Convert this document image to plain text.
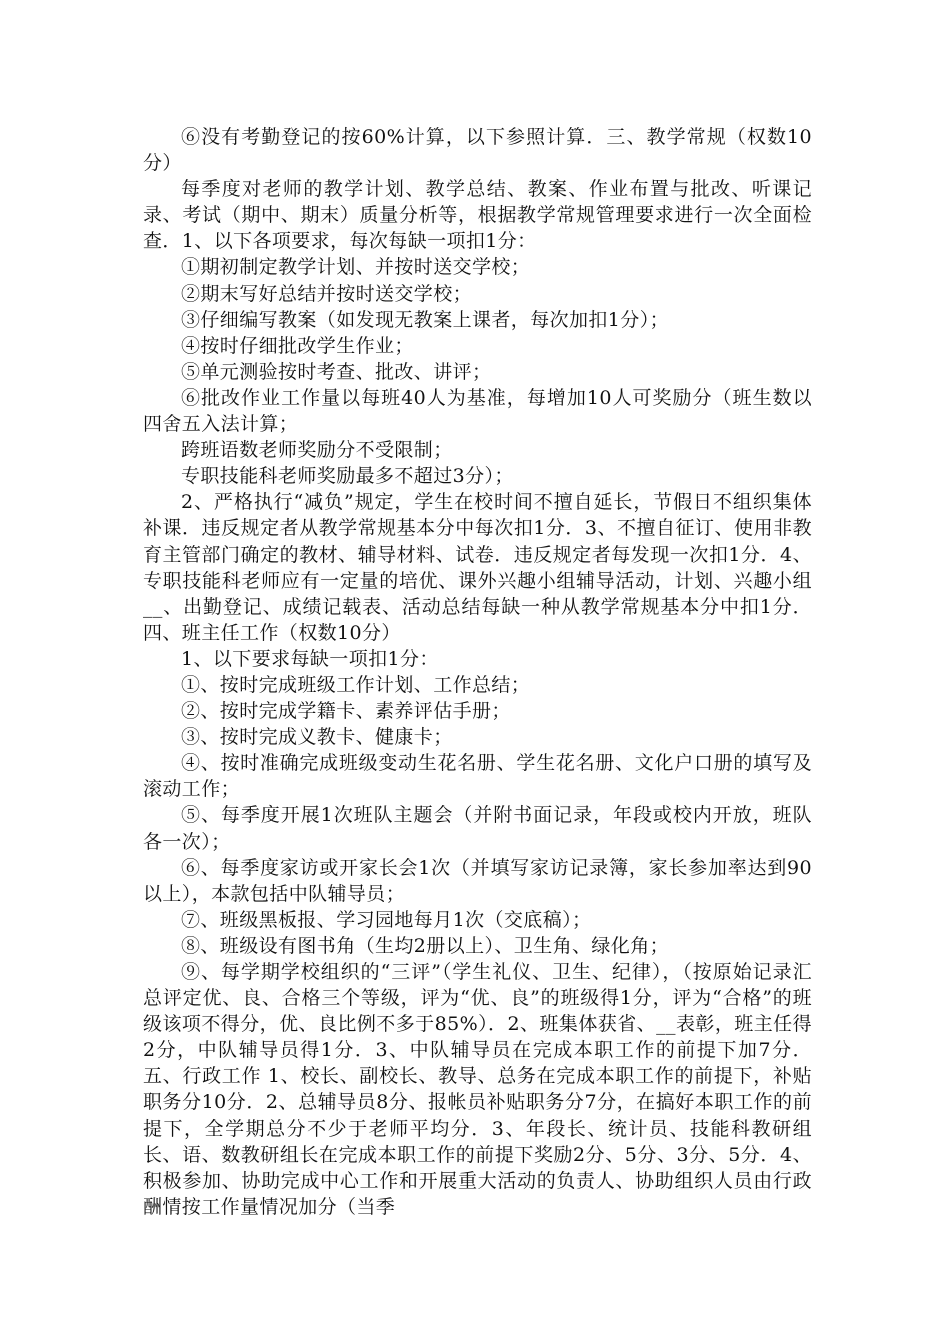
⑥没有考勤登记的按60%计算，以下参照计算．三、教学常规（权数10分）

每季度对老师的教学计划、教学总结、教案、作业布置与批改、听课记录、考试（期中、期末）质量分析等，根据教学常规管理要求进行一次全面检查．1、以下各项要求，每次每缺一项扣1分：

①期初制定教学计划、并按时送交学校；

②期末写好总结并按时送交学校；

③仔细编写教案（如发现无教案上课者，每次加扣1分）；

④按时仔细批改学生作业；

⑤单元测验按时考查、批改、讲评；

⑥批改作业工作量以每班40人为基准，每增加10人可奖励分（班生数以四舍五入法计算；

跨班语数老师奖励分不受限制；

专职技能科老师奖励最多不超过3分）；

2、严格执行“减负”规定，学生在校时间不擅自延长，节假日不组织集体补课．违反规定者从教学常规基本分中每次扣1分．3、不擅自征订、使用非教育主管部门确定的教材、辅导材料、试卷．违反规定者每发现一次扣1分．4、专职技能科老师应有一定量的培优、课外兴趣小组辅导活动，计划、兴趣小组__、出勤登记、成绩记载表、活动总结每缺一种从教学常规基本分中扣1分．四、班主任工作（权数10分）

1、以下要求每缺一项扣1分：

①、按时完成班级工作计划、工作总结；

②、按时完成学籍卡、素养评估手册；

③、按时完成义教卡、健康卡；

④、按时准确完成班级变动生花名册、学生花名册、文化户口册的填写及滚动工作；

⑤、每季度开展1次班队主题会（并附书面记录，年段或校内开放，班队各一次）；

⑥、每季度家访或开家长会1次（并填写家访记录簿，家长参加率达到90以上），本款包括中队辅导员；

⑦、班级黑板报、学习园地每月1次（交底稿）；

⑧、班级设有图书角（生均2册以上）、卫生角、绿化角；

⑨、每学期学校组织的“三评”（学生礼仪、卫生、纪律），（按原始记录汇总评定优、良、合格三个等级，评为“优、良”的班级得1分，评为“合格”的班级该项不得分，优、良比例不多于85%）．2、班集体获省、__表彰，班主任得2分，中队辅导员得1分．3、中队辅导员在完成本职工作的前提下加7分．五、行政工作 1、校长、副校长、教导、总务在完成本职工作的前提下，补贴职务分10分．2、总辅导员8分、报帐员补贴职务分7分，在搞好本职工作的前提下，全学期总分不少于老师平均分．3、年段长、统计员、技能科教研组长、语、数教研组长在完成本职工作的前提下奖励2分、5分、3分、5分．4、积极参加、协助完成中心工作和开展重大活动的负责人、协助组织人员由行政酬情按工作量情况加分（当季
